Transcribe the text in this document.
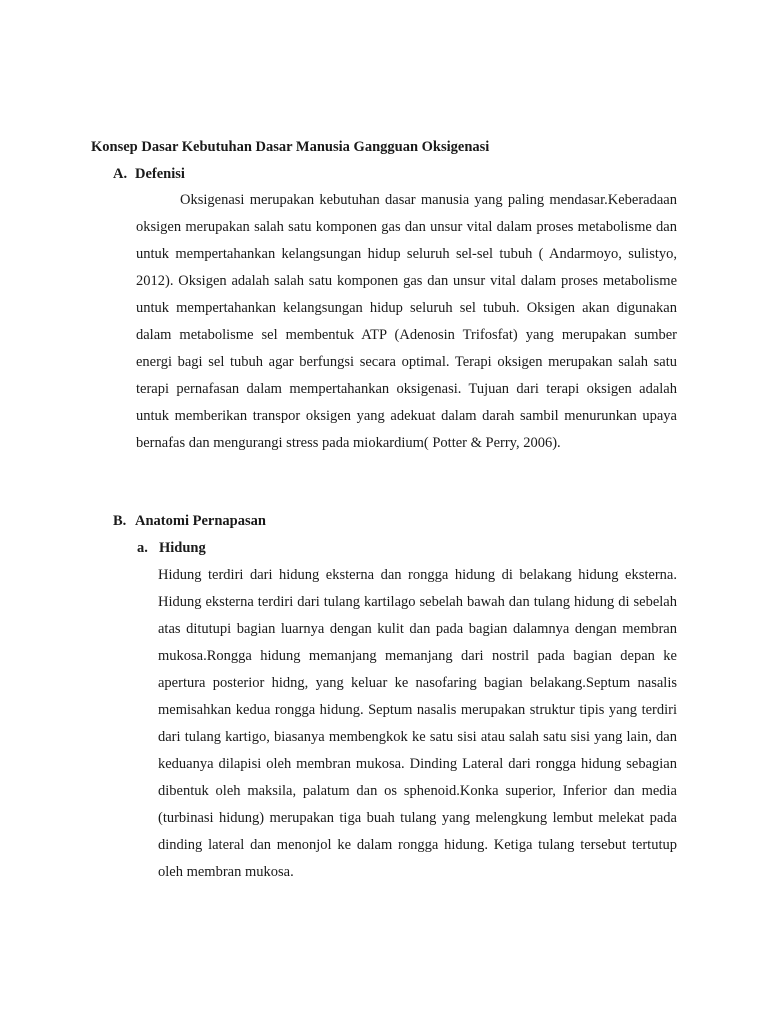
Konsep Dasar Kebutuhan Dasar Manusia Gangguan Oksigenasi
A. Defenisi

Oksigenasi merupakan kebutuhan dasar manusia yang paling mendasar.Keberadaan oksigen merupakan salah satu komponen gas dan unsur vital dalam proses metabolisme dan untuk mempertahankan kelangsungan hidup seluruh sel-sel tubuh ( Andarmoyo, sulistyo, 2012). Oksigen adalah salah satu komponen gas dan unsur vital dalam proses metabolisme untuk mempertahankan kelangsungan hidup seluruh sel tubuh. Oksigen akan digunakan dalam metabolisme sel membentuk ATP (Adenosin Trifosfat) yang merupakan sumber energi bagi sel tubuh agar berfungsi secara optimal. Terapi oksigen merupakan salah satu terapi pernafasan dalam mempertahankan oksigenasi. Tujuan dari terapi oksigen adalah untuk memberikan transpor oksigen yang adekuat dalam darah sambil menurunkan upaya bernafas dan mengurangi stress pada miokardium( Potter & Perry, 2006).

B. Anatomi Pernapasan
a. Hidung

Hidung terdiri dari hidung eksterna dan rongga hidung di belakang hidung eksterna. Hidung eksterna terdiri dari tulang kartilago sebelah bawah dan tulang hidung di sebelah atas ditutupi bagian luarnya dengan kulit dan pada bagian dalamnya dengan membran mukosa.Rongga hidung memanjang memanjang dari nostril pada bagian depan ke apertura posterior hidng, yang keluar ke nasofaring bagian belakang.Septum nasalis memisahkan kedua rongga hidung. Septum nasalis merupakan struktur tipis yang terdiri dari tulang kartigo, biasanya membengkok ke satu sisi atau salah satu sisi yang lain, dan keduanya dilapisi oleh membran mukosa. Dinding Lateral dari rongga hidung sebagian dibentuk oleh maksila, palatum dan os sphenoid.Konka superior, Inferior dan media (turbinasi hidung) merupakan tiga buah tulang yang melengkung lembut melekat pada dinding lateral dan menonjol ke dalam rongga hidung. Ketiga tulang tersebut tertutup oleh membran mukosa.
